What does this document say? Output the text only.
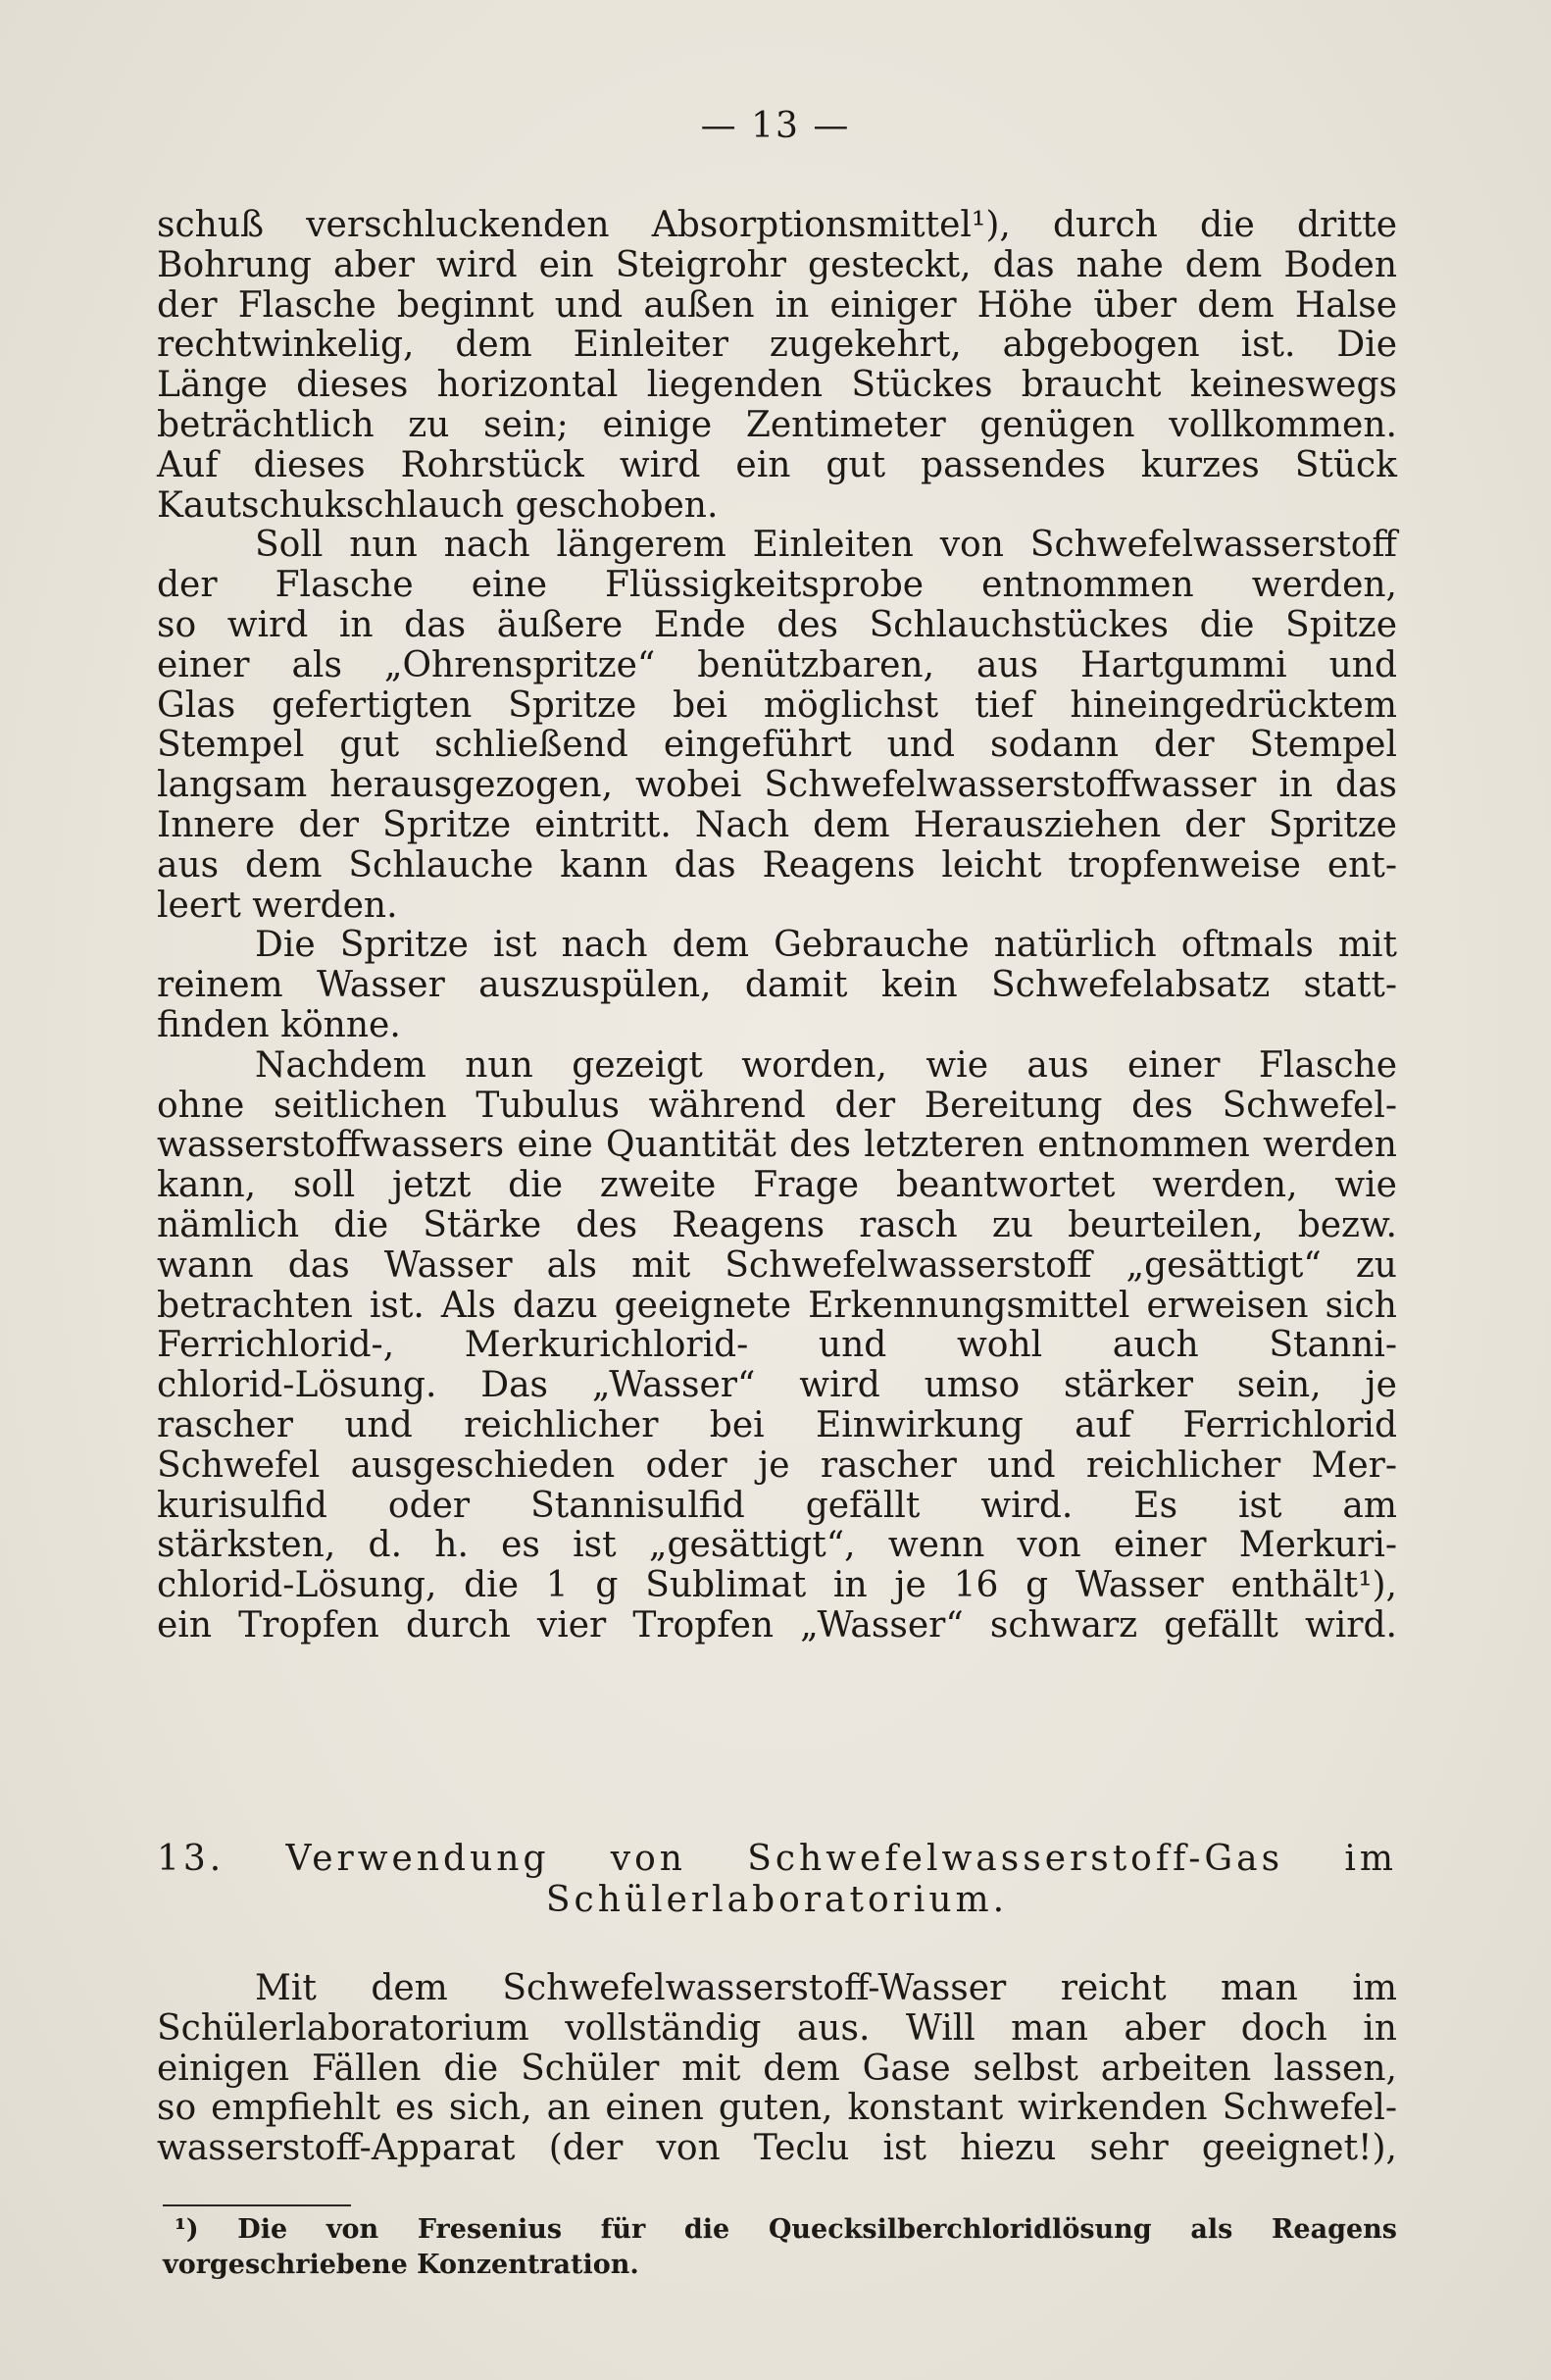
— 13 —
schuß verschluckenden Absorptionsmittel¹), durch die dritte
Bohrung aber wird ein Steigrohr gesteckt, das nahe dem Boden
der Flasche beginnt und außen in einiger Höhe über dem Halse
rechtwinkelig, dem Einleiter zugekehrt, abgebogen ist. Die
Länge dieses horizontal liegenden Stückes braucht keineswegs
beträchtlich zu sein; einige Zentimeter genügen vollkommen.
Auf dieses Rohrstück wird ein gut passendes kurzes Stück
Kautschukschlauch geschoben.
Soll nun nach längerem Einleiten von Schwefelwasserstoff
der Flasche eine Flüssigkeitsprobe entnommen werden,
so wird in das äußere Ende des Schlauchstückes die Spitze
einer als „Ohrenspritze“ benützbaren, aus Hartgummi und
Glas gefertigten Spritze bei möglichst tief hineingedrücktem
Stempel gut schließend eingeführt und sodann der Stempel
langsam herausgezogen, wobei Schwefelwasserstoffwasser in das
Innere der Spritze eintritt. Nach dem Herausziehen der Spritze
aus dem Schlauche kann das Reagens leicht tropfenweise ent-
leert werden.
Die Spritze ist nach dem Gebrauche natürlich oftmals mit
reinem Wasser auszuspülen, damit kein Schwefelabsatz statt-
finden könne.
Nachdem nun gezeigt worden, wie aus einer Flasche
ohne seitlichen Tubulus während der Bereitung des Schwefel-
wasserstoffwassers eine Quantität des letzteren entnommen werden
kann, soll jetzt die zweite Frage beantwortet werden, wie
nämlich die Stärke des Reagens rasch zu beurteilen, bezw.
wann das Wasser als mit Schwefelwasserstoff „gesättigt“ zu
betrachten ist. Als dazu geeignete Erkennungsmittel erweisen sich
Ferrichlorid-, Merkurichlorid- und wohl auch Stanni-
chlorid-Lösung. Das „Wasser“ wird umso stärker sein, je
rascher und reichlicher bei Einwirkung auf Ferrichlorid
Schwefel ausgeschieden oder je rascher und reichlicher Mer-
kurisulfid oder Stannisulfid gefällt wird. Es ist am
stärksten, d. h. es ist „gesättigt“, wenn von einer Merkuri-
chlorid-Lösung, die 1 g Sublimat in je 16 g Wasser enthält¹),
ein Tropfen durch vier Tropfen „Wasser“ schwarz gefällt wird.
13. Verwendung von Schwefelwasserstoff-Gas im
Schülerlaboratorium.
Mit dem Schwefelwasserstoff-Wasser reicht man im
Schülerlaboratorium vollständig aus. Will man aber doch in
einigen Fällen die Schüler mit dem Gase selbst arbeiten lassen,
so empfiehlt es sich, an einen guten, konstant wirkenden Schwefel-
wasserstoff-Apparat (der von Teclu ist hiezu sehr geeignet!),
¹) Die von Fresenius für die Quecksilberchloridlösung als Reagens
vorgeschriebene Konzentration.
